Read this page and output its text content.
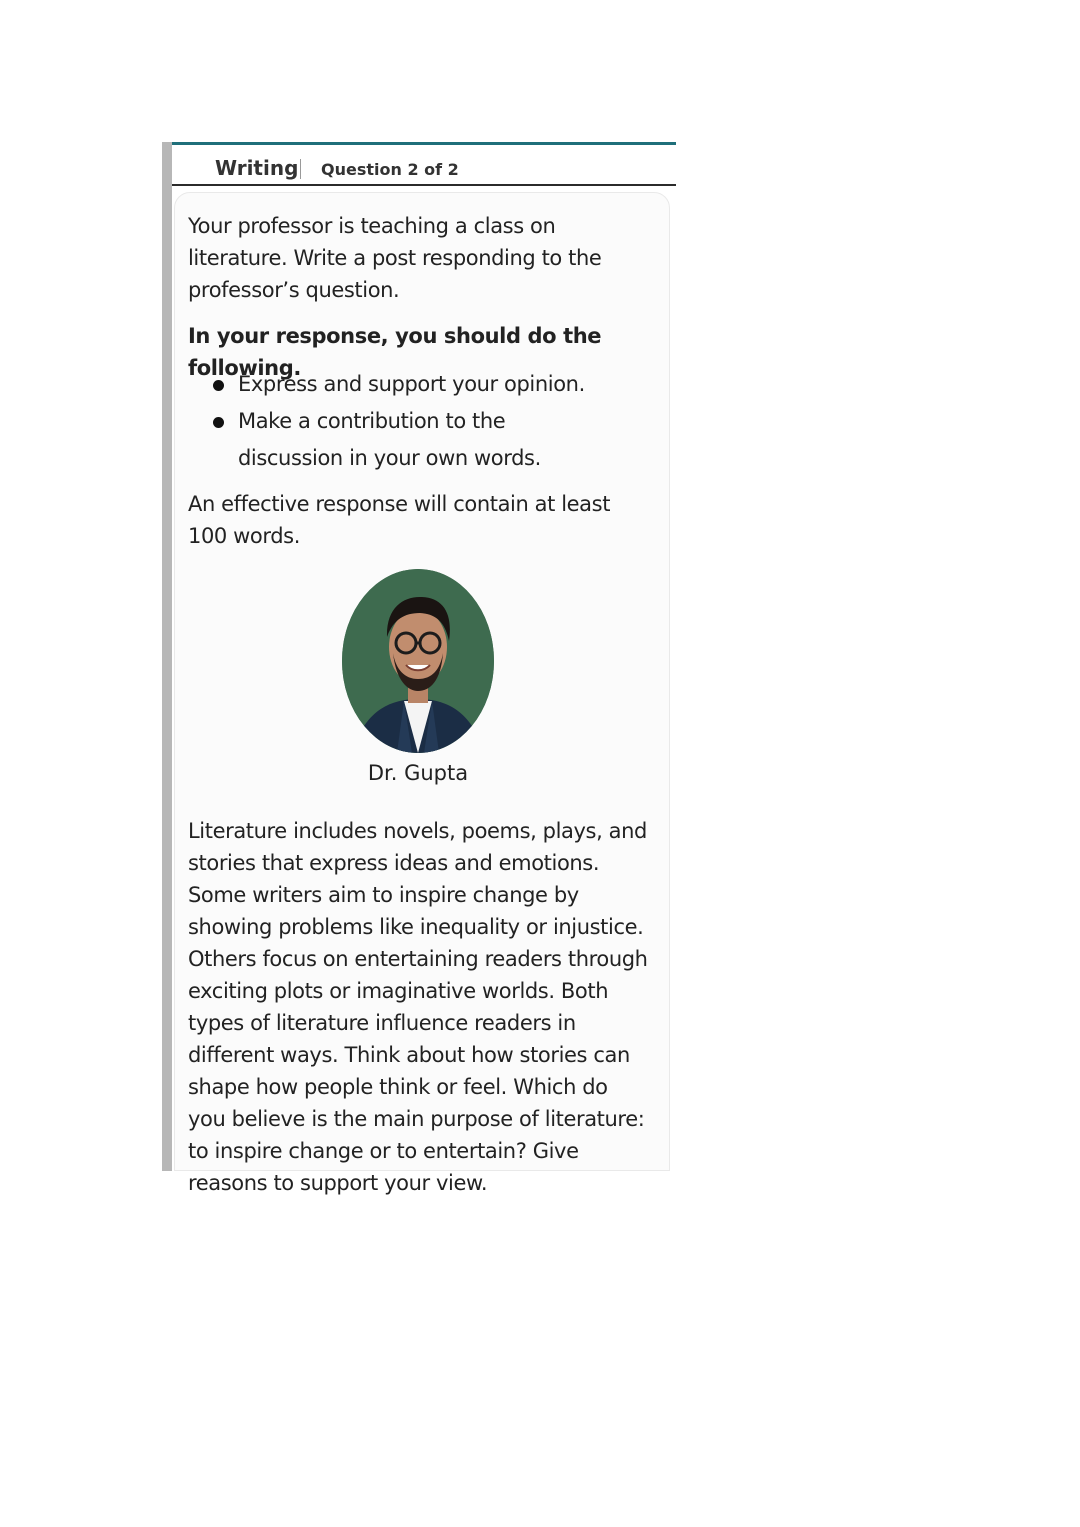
Writing Question 2 of 2
Your professor is teaching a class on literature. Write a post responding to the professor’s question.
In your response, you should do the following.
Express and support your opinion.
Make a contribution to the discussion in your own words.
An effective response will contain at least 100 words.
Dr. Gupta
Literature includes novels, poems, plays, and stories that express ideas and emotions. Some writers aim to inspire change by showing problems like inequality or injustice. Others focus on entertaining readers through exciting plots or imaginative worlds. Both types of literature influence readers in different ways. Think about how stories can shape how people think or feel. Which do you believe is the main purpose of literature: to inspire change or to entertain? Give reasons to support your view.
